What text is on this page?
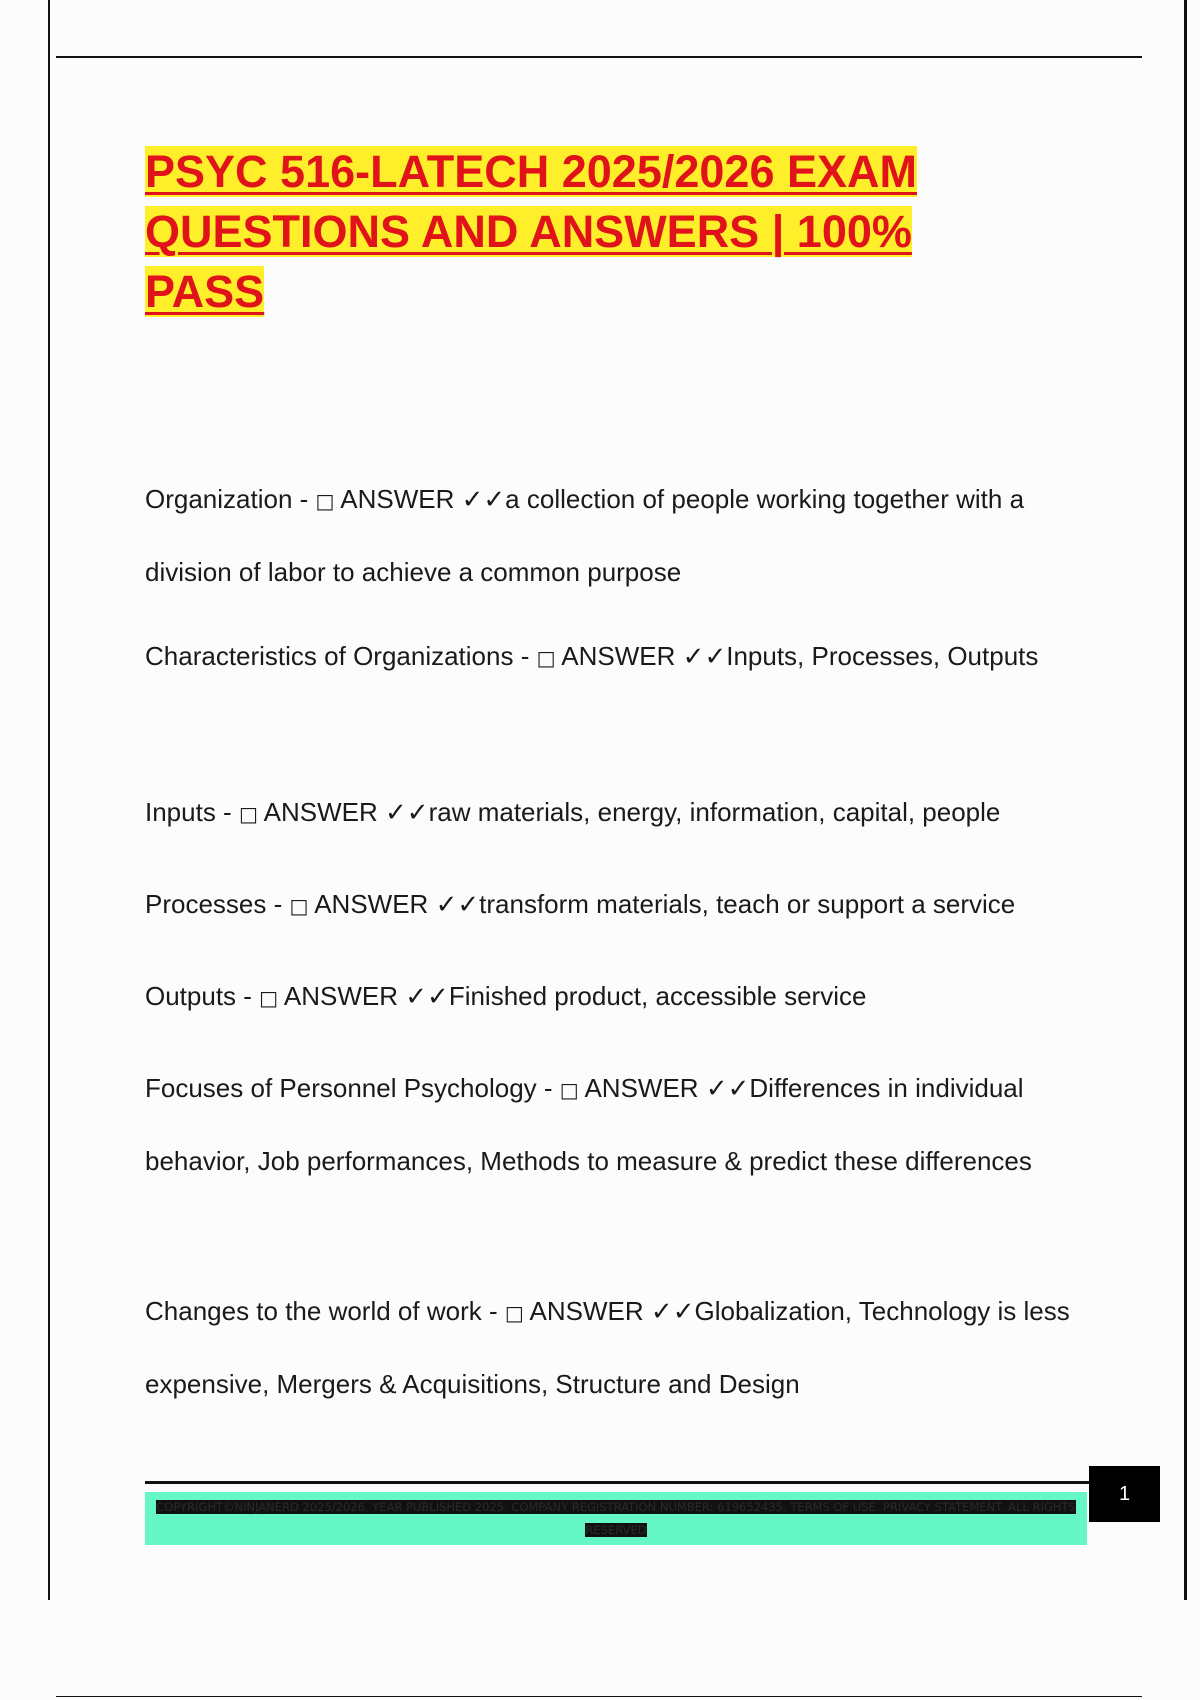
PSYC 516-LATECH 2025/2026 EXAM
QUESTIONS AND ANSWERS | 100%
PASS
Organization - □ ANSWER ✓✓a collection of people working together with a division of labor to achieve a common purpose
Characteristics of Organizations - □ ANSWER ✓✓Inputs, Processes, Outputs
Inputs - □ ANSWER ✓✓raw materials, energy, information, capital, people
Processes - □ ANSWER ✓✓transform materials, teach or support a service
Outputs - □ ANSWER ✓✓Finished product, accessible service
Focuses of Personnel Psychology - □ ANSWER ✓✓Differences in individual behavior, Job performances, Methods to measure & predict these differences
Changes to the world of work - □ ANSWER ✓✓Globalization, Technology is less expensive, Mergers & Acquisitions, Structure and Design
COPYRIGHT©NINJANERD 2025/2026. YEAR PUBLISHED 2025. COMPANY REGISTRATION NUMBER: 619652435. TERMS OF USE. PRIVACY STATEMENT. ALL RIGHTS RESERVED
1
